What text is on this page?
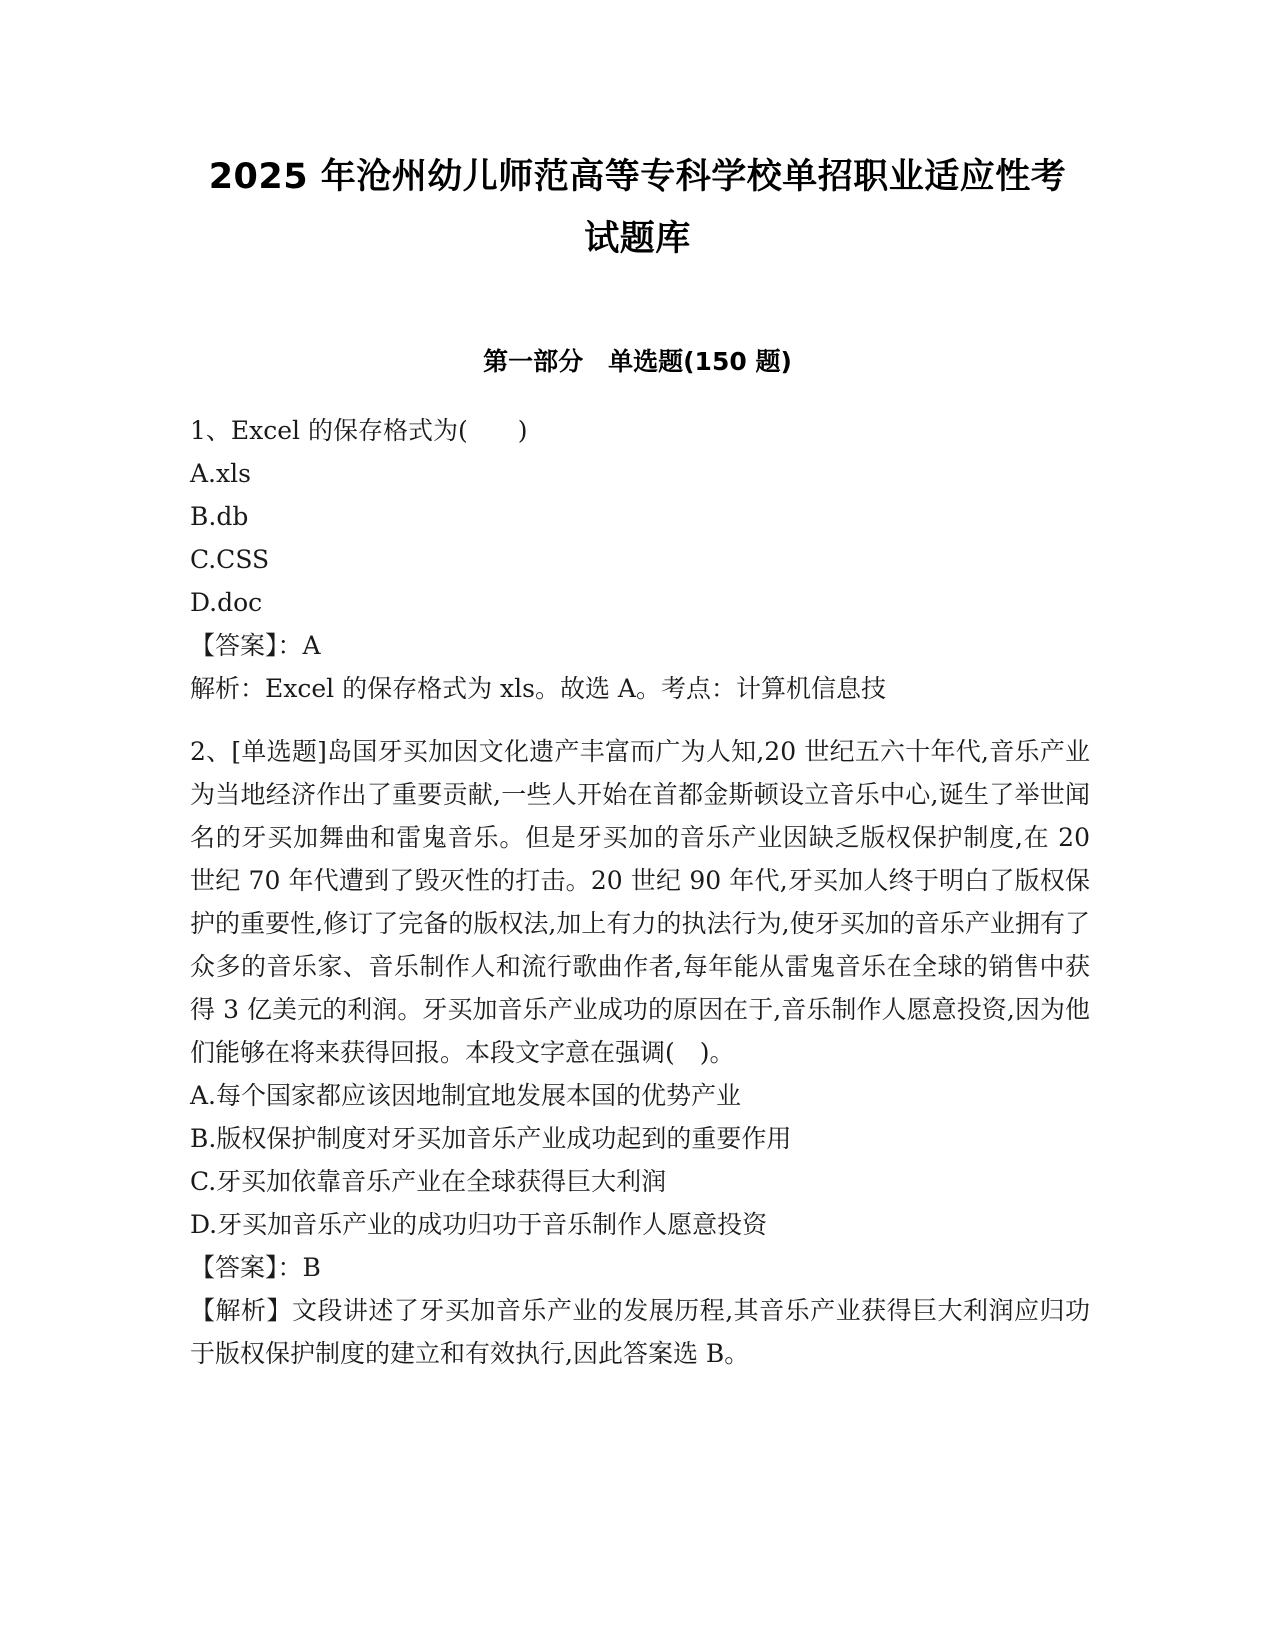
2025 年沧州幼儿师范高等专科学校单招职业适应性考
试题库
第一部分　单选题(150 题)
1、Excel 的保存格式为(　　)
A.xls
B.db
C.CSS
D.doc
【答案】：A
解析：Excel 的保存格式为 xls。故选 A。考点：计算机信息技
2、[单选题]岛国牙买加因文化遗产丰富而广为人知,20 世纪五六十年代,音乐产业为当地经济作出了重要贡献,一些人开始在首都金斯顿设立音乐中心,诞生了举世闻名的牙买加舞曲和雷鬼音乐。但是牙买加的音乐产业因缺乏版权保护制度,在 20 世纪 70 年代遭到了毁灭性的打击。20 世纪 90 年代,牙买加人终于明白了版权保护的重要性,修订了完备的版权法,加上有力的执法行为,使牙买加的音乐产业拥有了众多的音乐家、音乐制作人和流行歌曲作者,每年能从雷鬼音乐在全球的销售中获得 3 亿美元的利润。牙买加音乐产业成功的原因在于,音乐制作人愿意投资,因为他们能够在将来获得回报。本段文字意在强调(　)。
A.每个国家都应该因地制宜地发展本国的优势产业
B.版权保护制度对牙买加音乐产业成功起到的重要作用
C.牙买加依靠音乐产业在全球获得巨大利润
D.牙买加音乐产业的成功归功于音乐制作人愿意投资
【答案】：B
【解析】文段讲述了牙买加音乐产业的发展历程,其音乐产业获得巨大利润应归功于版权保护制度的建立和有效执行,因此答案选 B。
